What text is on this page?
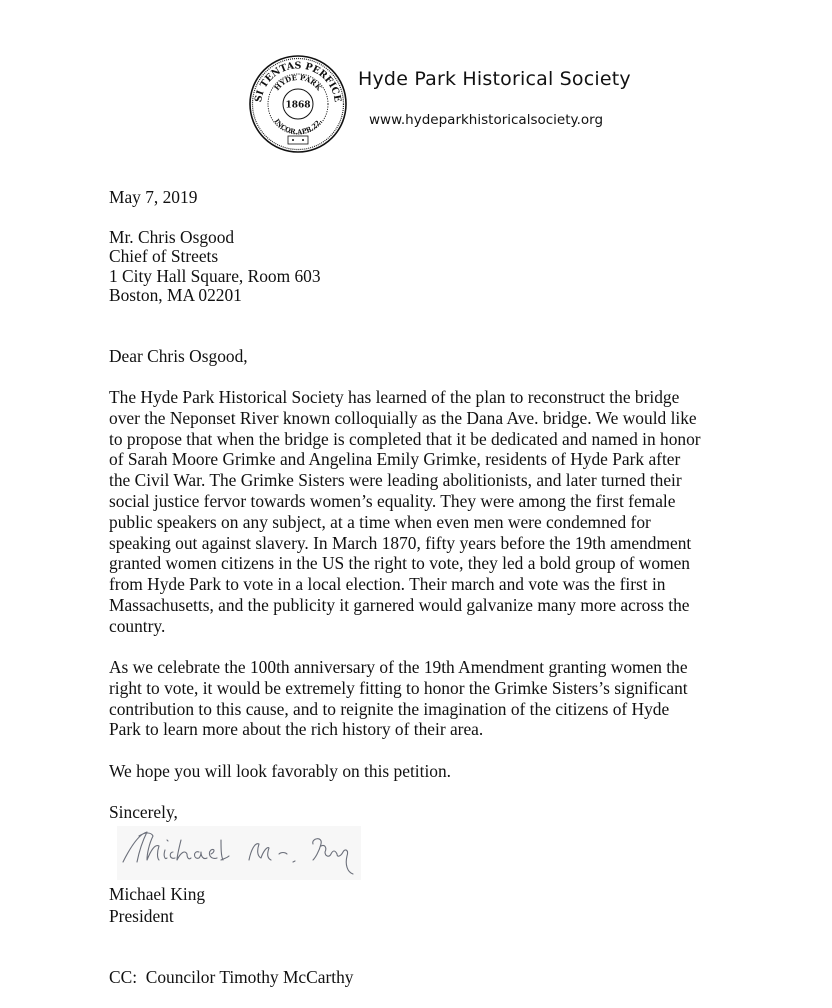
SI TENTAS PERFICE
HYDE PARK
INCOR.APR.22.
1868
Hyde Park Historical Society
www.hydeparkhistoricalsociety.org
May 7, 2019
Mr. Chris Osgood
Chief of Streets
1 City Hall Square, Room 603
Boston, MA 02201
Dear Chris Osgood,
The Hyde Park Historical Society has learned of the plan to reconstruct the bridge
over the Neponset River known colloquially as the Dana Ave. bridge. We would like
to propose that when the bridge is completed that it be dedicated and named in honor
of Sarah Moore Grimke and Angelina Emily Grimke, residents of Hyde Park after
the Civil War. The Grimke Sisters were leading abolitionists, and later turned their
social justice fervor towards women’s equality. They were among the first female
public speakers on any subject, at a time when even men were condemned for
speaking out against slavery. In March 1870, fifty years before the 19th amendment
granted women citizens in the US the right to vote, they led a bold group of women
from Hyde Park to vote in a local election. Their march and vote was the first in
Massachusetts, and the publicity it garnered would galvanize many more across the
country.
As we celebrate the 100th anniversary of the 19th Amendment granting women the
right to vote, it would be extremely fitting to honor the Grimke Sisters’s significant
contribution to this cause, and to reignite the imagination of the citizens of Hyde
Park to learn more about the rich history of their area.
We hope you will look favorably on this petition.
Sincerely,
Michael King
President
CC:  Councilor Timothy McCarthy
